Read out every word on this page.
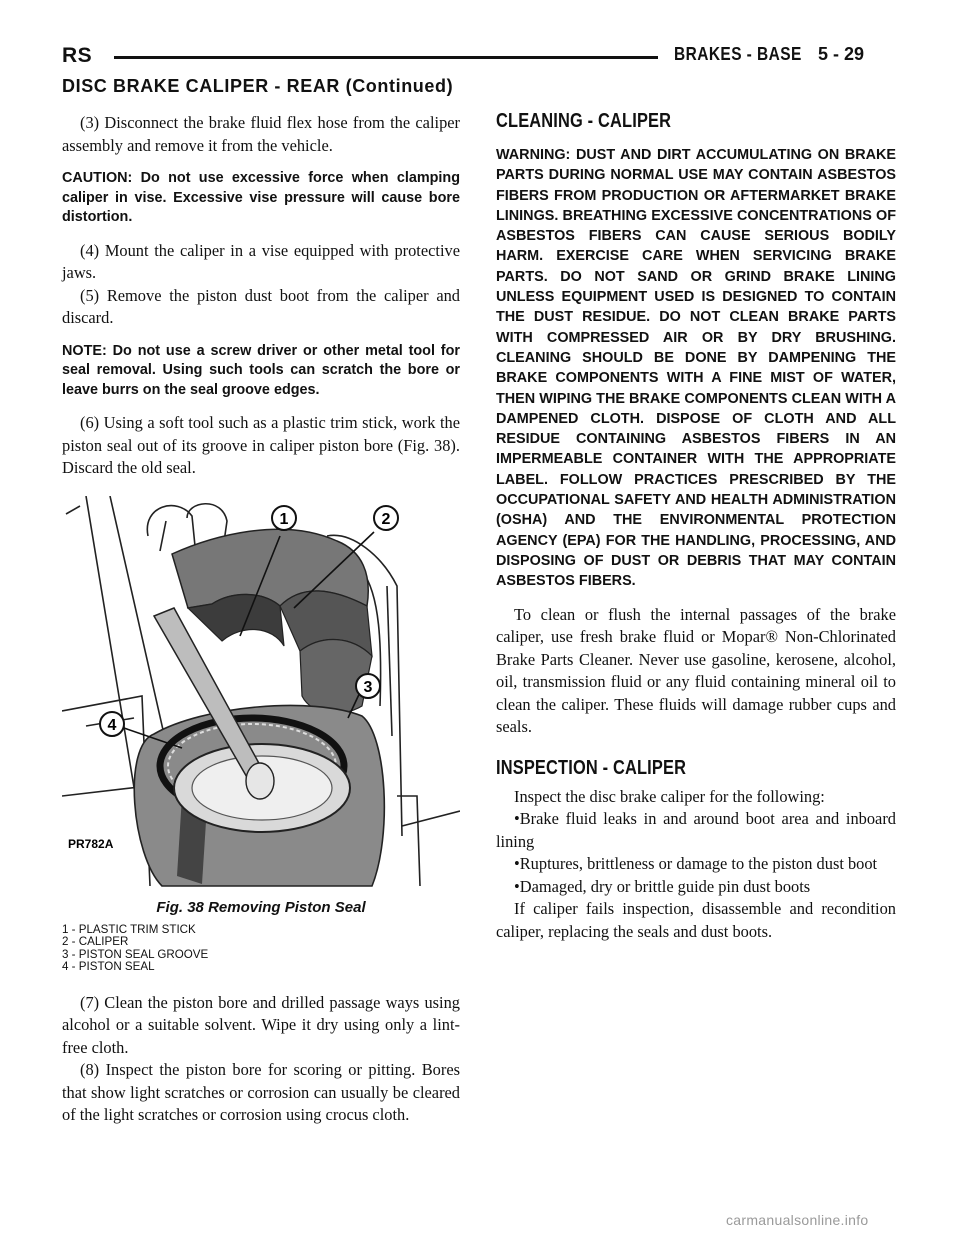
RS	BRAKES - BASE 5 - 29
DISC BRAKE CALIPER - REAR (Continued)

(3) Disconnect the brake fluid flex hose from the caliper assembly and remove it from the vehicle.

CAUTION: Do not use excessive force when clamping caliper in vise. Excessive vise pressure will cause bore distortion.

(4) Mount the caliper in a vise equipped with protective jaws.

(5) Remove the piston dust boot from the caliper and discard.

NOTE: Do not use a screw driver or other metal tool for seal removal. Using such tools can scratch the bore or leave burrs on the seal groove edges.

(6) Using a soft tool such as a plastic trim stick, work the piston seal out of its groove in caliper piston bore (Fig. 38). Discard the old seal.

1	2
3
4
PR782A
Fig. 38 Removing Piston Seal
1 - PLASTIC TRIM STICK
2 - CALIPER
3 - PISTON SEAL GROOVE
4 - PISTON SEAL

(7) Clean the piston bore and drilled passage ways using alcohol or a suitable solvent. Wipe it dry using only a lint-free cloth.

(8) Inspect the piston bore for scoring or pitting. Bores that show light scratches or corrosion can usually be cleared of the light scratches or corrosion using crocus cloth.

CLEANING - CALIPER

WARNING: DUST AND DIRT ACCUMULATING ON BRAKE PARTS DURING NORMAL USE MAY CONTAIN ASBESTOS FIBERS FROM PRODUCTION OR AFTERMARKET BRAKE LININGS. BREATHING EXCESSIVE CONCENTRATIONS OF ASBESTOS FIBERS CAN CAUSE SERIOUS BODILY HARM. EXERCISE CARE WHEN SERVICING BRAKE PARTS. DO NOT SAND OR GRIND BRAKE LINING UNLESS EQUIPMENT USED IS DESIGNED TO CONTAIN THE DUST RESIDUE. DO NOT CLEAN BRAKE PARTS WITH COMPRESSED AIR OR BY DRY BRUSHING. CLEANING SHOULD BE DONE BY DAMPENING THE BRAKE COMPONENTS WITH A FINE MIST OF WATER, THEN WIPING THE BRAKE COMPONENTS CLEAN WITH A DAMPENED CLOTH. DISPOSE OF CLOTH AND ALL RESIDUE CONTAINING ASBESTOS FIBERS IN AN IMPERMEABLE CONTAINER WITH THE APPROPRIATE LABEL. FOLLOW PRACTICES PRESCRIBED BY THE OCCUPATIONAL SAFETY AND HEALTH ADMINISTRATION (OSHA) AND THE ENVIRONMENTAL PROTECTION AGENCY (EPA) FOR THE HANDLING, PROCESSING, AND DISPOSING OF DUST OR DEBRIS THAT MAY CONTAIN ASBESTOS FIBERS.

To clean or flush the internal passages of the brake caliper, use fresh brake fluid or Mopar® Non-Chlorinated Brake Parts Cleaner. Never use gasoline, kerosene, alcohol, oil, transmission fluid or any fluid containing mineral oil to clean the caliper. These fluids will damage rubber cups and seals.

INSPECTION - CALIPER

Inspect the disc brake caliper for the following:

•Brake fluid leaks in and around boot area and inboard lining

•Ruptures, brittleness or damage to the piston dust boot

•Damaged, dry or brittle guide pin dust boots

If caliper fails inspection, disassemble and recondition caliper, replacing the seals and dust boots.

carmanualsonline.info
